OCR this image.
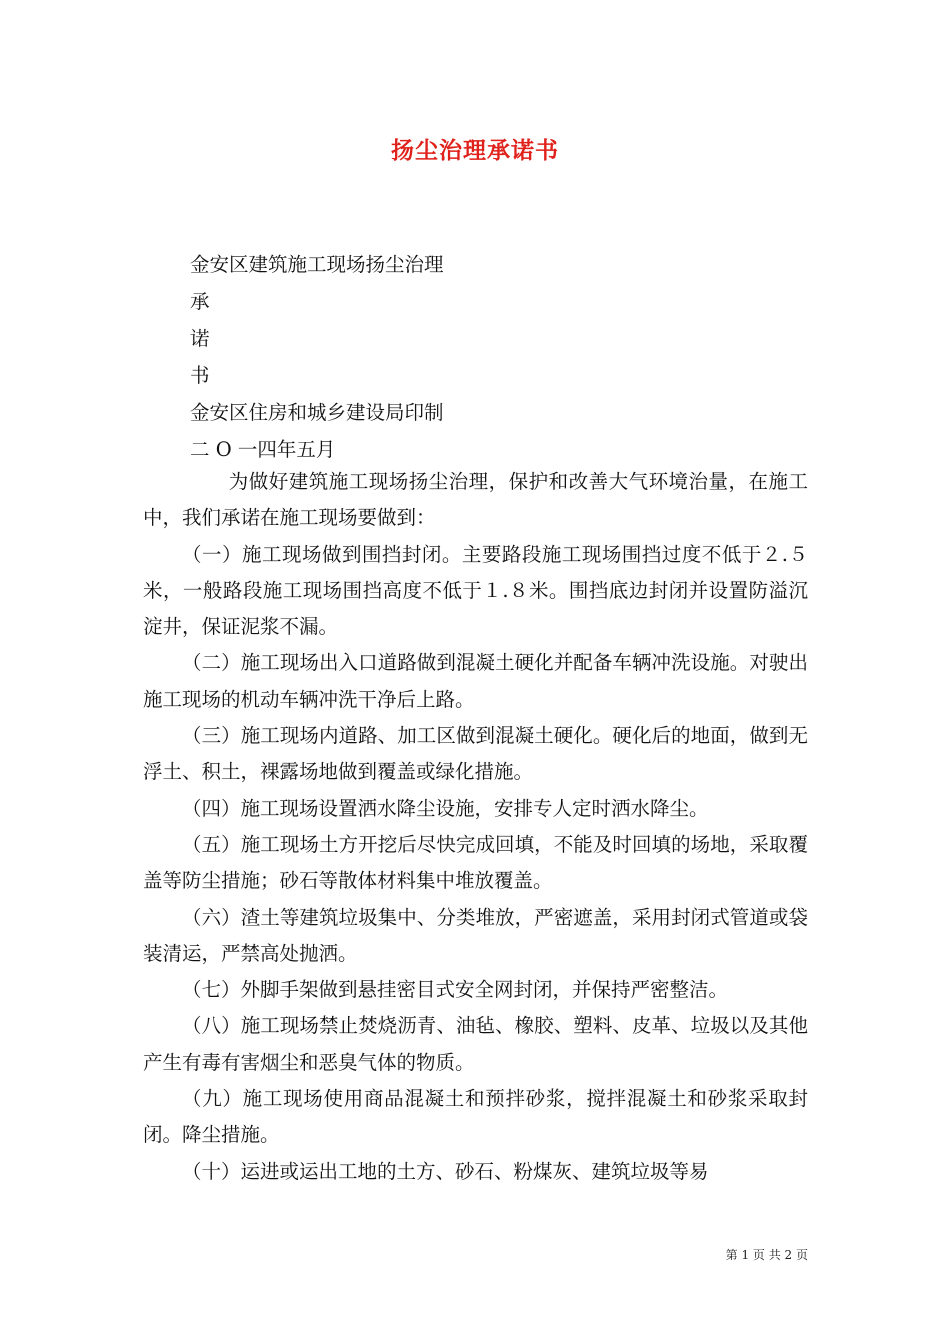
扬尘治理承诺书
金安区建筑施工现场扬尘治理
承
诺
书
金安区住房和城乡建设局印制
二 O 一四年五月

为做好建筑施工现场扬尘治理，保护和改善大气环境治量，在施工中，我们承诺在施工现场要做到：

（一）施工现场做到围挡封闭。主要路段施工现场围挡过度不低于２.５米，一般路段施工现场围挡高度不低于１.８米。围挡底边封闭并设置防溢沉淀井，保证泥浆不漏。

（二）施工现场出入口道路做到混凝土硬化并配备车辆冲洗设施。对驶出施工现场的机动车辆冲洗干净后上路。

（三）施工现场内道路、加工区做到混凝土硬化。硬化后的地面，做到无浮土、积土，裸露场地做到覆盖或绿化措施。

（四）施工现场设置洒水降尘设施，安排专人定时洒水降尘。

（五）施工现场土方开挖后尽快完成回填，不能及时回填的场地，采取覆盖等防尘措施；砂石等散体材料集中堆放覆盖。

（六）渣土等建筑垃圾集中、分类堆放，严密遮盖，采用封闭式管道或袋装清运，严禁高处抛洒。

（七）外脚手架做到悬挂密目式安全网封闭，并保持严密整洁。

（八）施工现场禁止焚烧沥青、油毡、橡胶、塑料、皮革、垃圾以及其他产生有毒有害烟尘和恶臭气体的物质。

（九）施工现场使用商品混凝土和预拌砂浆，搅拌混凝土和砂浆采取封闭。降尘措施。

（十）运进或运出工地的土方、砂石、粉煤灰、建筑垃圾等易

第 1 页 共 2 页
